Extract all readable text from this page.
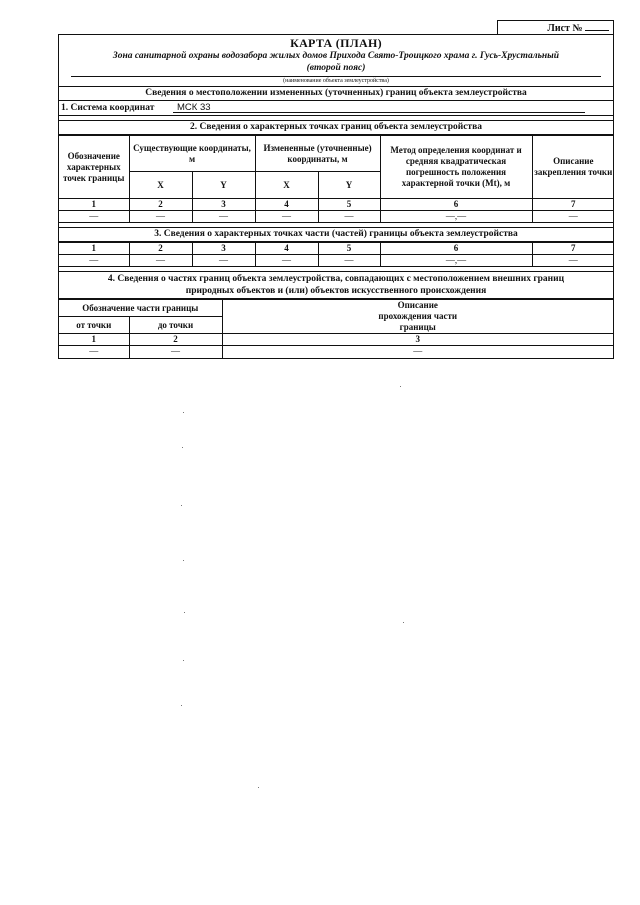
Лист №
КАРТА (ПЛАН)
Зона санитарной охраны водозабора жилых домов Прихода Свято-Троицкого храма г. Гусь-Хрустальный
(второй пояс)
(наименование объекта землеустройства)
Сведения о местоположении измененных (уточненных) границ объекта землеустройства
1. Система координат МСК 33
2. Сведения о характерных точках границ объекта землеустройства
Обозначение характерных точек границы	Существующие координаты, м		Измененные (уточненные) координаты, м		Метод определения координат и средняя квадратическая погрешность положения характерной точки (Mt), м	Описание закрепления точки
	X	Y	X	Y		
1	2	3	4	5	6	7
—	—	—	—	—	—,—	—
3. Сведения о характерных точках части (частей) границы объекта землеустройства
1	2	3	4	5	6	7
—	—	—	—	—	—,—	—
4. Сведения о частях границ объекта землеустройства, совпадающих с местоположением внешних границ
природных объектов и (или) объектов искусственного происхождения
Обозначение части границы		Описание прохождения части границы
от точки	до точки	
1	2	3
—	—	—
